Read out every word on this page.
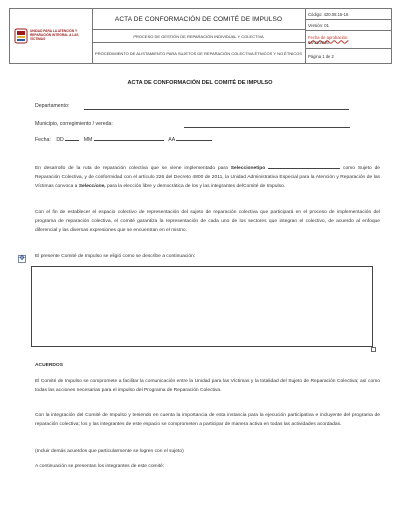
UNIDAD PARA LA ATENCIÓN Y REPARACIÓN INTEGRAL A LAS VÍCTIMAS
ACTA DE CONFORMACIÓN DE COMITÉ DE IMPULSO
PROCESO DE GESTIÓN DE REPARACIÓN INDIVIDUAL Y COLECTIVA
PROCEDIMIENTO DE ALISTAMIENTO PARA SUJETOS DE REPARACIÓN COLECTIVA ÉTNICOS Y NO ÉTNICOS
Código: 420.08.15-16
Versión: 01
Fecha de aprobación:
16/11/2016
Página 1 de 2
ACTA DE CONFORMACIÓN DEL COMITÉ DE IMPULSO
Departamento:
Municipio, corregimiento / vereda:
Fecha: DD	MM	AA
En desarrollo de la ruta de reparación colectiva que se viene implementado para Seleccionetipo	como Sujeto de Reparación Colectiva, y de conformidad con el artículo 226 del Decreto 4800 de 2011, la Unidad Administrativa Especial para la Atención y Reparación de las Víctimas convoca a Seleccione, para la elección libre y democrática de los y las integrantes delComité de Impulso.
Con el fin de establecer el espacio colectivo de representación del sujeto de reparación colectiva que participará en el proceso de implementación del programa de reparación colectiva, el comité garantiza la representación de cada uno de los sectores que integran el colectivo, de acuerdo al enfoque diferencial y las diversas expresiones que se encuentran en el mismo.
El presente Comité de Impulso se eligió como se describe a continuación:
✥
ACUERDOS
El Comité de Impulso se compromete a facilitar la comunicación entre la Unidad para las Víctimas y la totalidad del Sujeto de Reparación Colectiva; así como todas las acciones necesarias para el impulso del Programa de Reparación Colectiva.
Con la integración del Comité de Impulso y teniendo en cuenta la importancia de esta instancia para la ejecución participativa e incluyente del programa de reparación colectiva; los y las integrantes de este espacio se comprometen a participar de manera activa en todas las actividades acordadas.
(Incluir demás acuerdos que particularmente se logren con el sujeto)
A continuación se presentan los integrantes de este comité:
